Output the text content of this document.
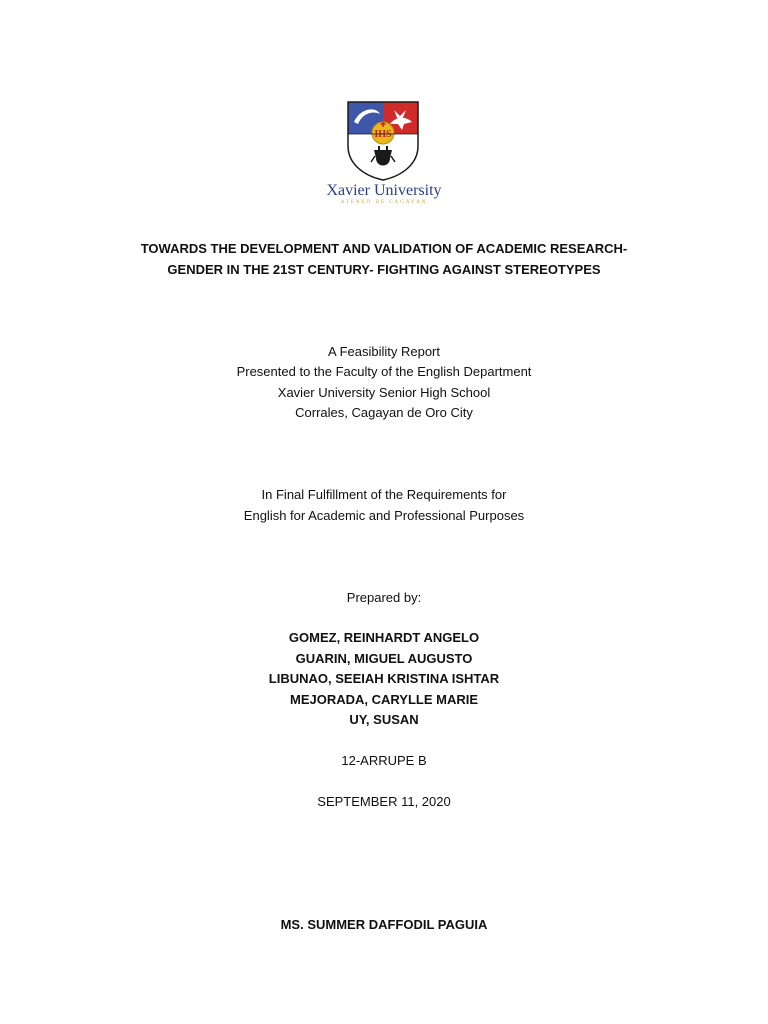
IHS
Xavier University
ATENEO DE CAGAYAN
TOWARDS THE DEVELOPMENT AND VALIDATION OF ACADEMIC RESEARCH-
GENDER IN THE 21ST CENTURY- FIGHTING AGAINST STEREOTYPES
A Feasibility Report
Presented to the Faculty of the English Department
Xavier University Senior High School
Corrales, Cagayan de Oro City
In Final Fulfillment of the Requirements for
English for Academic and Professional Purposes
Prepared by:
GOMEZ, REINHARDT ANGELO
GUARIN, MIGUEL AUGUSTO
LIBUNAO, SEEIAH KRISTINA ISHTAR
MEJORADA, CARYLLE MARIE
UY, SUSAN
12-ARRUPE B
SEPTEMBER 11, 2020
MS. SUMMER DAFFODIL PAGUIA
